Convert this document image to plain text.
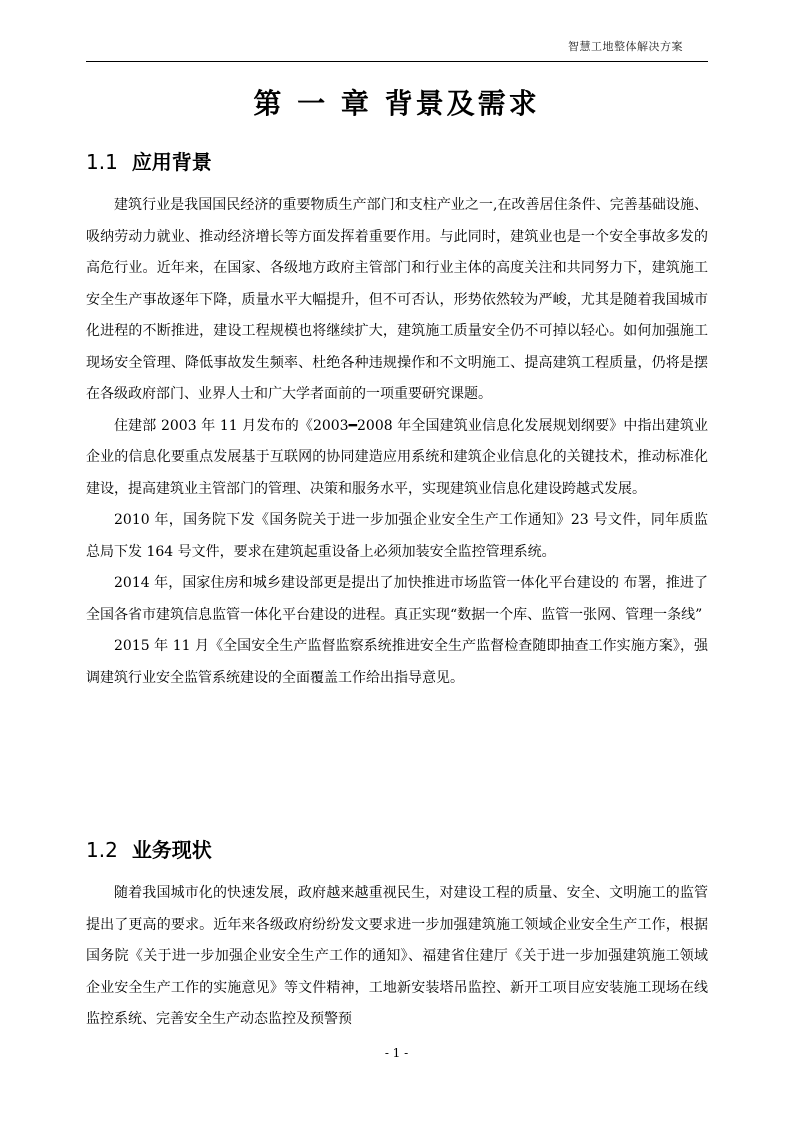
智慧工地整体解决方案
第 一 章 背景及需求
1.1 应用背景

建筑行业是我国国民经济的重要物质生产部门和支柱产业之一,在改善居住条件、完善基础设施、吸纳劳动力就业、推动经济增长等方面发挥着重要作用。与此同时，建筑业也是一个安全事故多发的高危行业。近年来，在国家、各级地方政府主管部门和行业主体的高度关注和共同努力下，建筑施工安全生产事故逐年下降，质量水平大幅提升，但不可否认，形势依然较为严峻，尤其是随着我国城市化进程的不断推进，建设工程规模也将继续扩大，建筑施工质量安全仍不可掉以轻心。如何加强施工现场安全管理、降低事故发生频率、杜绝各种违规操作和不文明施工、提高建筑工程质量，仍将是摆在各级政府部门、业界人士和广大学者面前的一项重要研究课题。

住建部 2003 年 11 月发布的《2003━2008 年全国建筑业信息化发展规划纲要》中指出建筑业企业的信息化要重点发展基于互联网的协同建造应用系统和建筑企业信息化的关键技术，推动标准化建设，提高建筑业主管部门的管理、决策和服务水平，实现建筑业信息化建设跨越式发展。

2010 年，国务院下发《国务院关于进一步加强企业安全生产工作通知》23 号文件，同年质监总局下发 164 号文件，要求在建筑起重设备上必须加装安全监控管理系统。

2014 年，国家住房和城乡建设部更是提出了加快推进市场监管一体化平台建设的 布署，推进了全国各省市建筑信息监管一体化平台建设的进程。真正实现“数据一个库、监管一张网、管理一条线”

2015 年 11 月《全国安全生产监督监察系统推进安全生产监督检查随即抽查工作实施方案》，强调建筑行业安全监管系统建设的全面覆盖工作给出指导意见。

1.2 业务现状

随着我国城市化的快速发展，政府越来越重视民生，对建设工程的质量、安全、文明施工的监管提出了更高的要求。近年来各级政府纷纷发文要求进一步加强建筑施工领域企业安全生产工作，根据国务院《关于进一步加强企业安全生产工作的通知》、福建省住建厅《关于进一步加强建筑施工领域企业安全生产工作的实施意见》等文件精神，工地新安装塔吊监控、新开工项目应安装施工现场在线监控系统、完善安全生产动态监控及预警预

- 1 -
